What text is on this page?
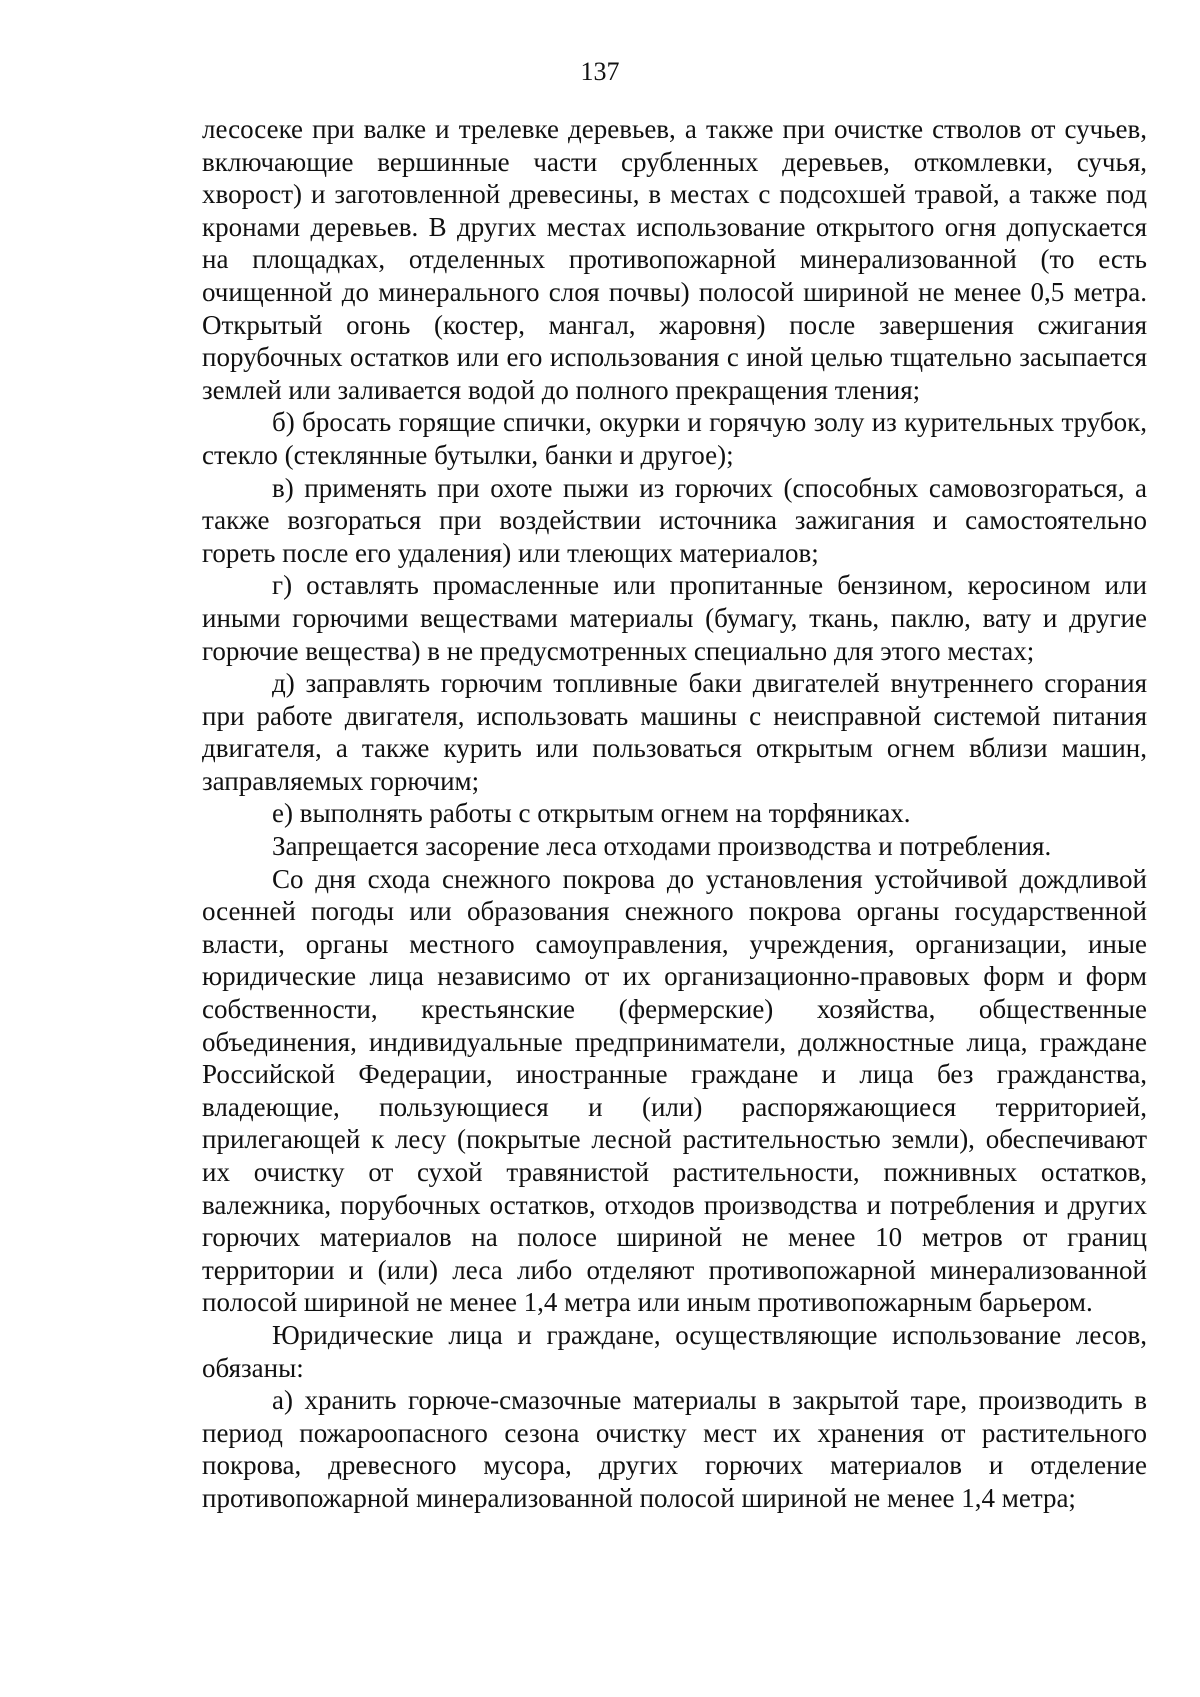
137

лесосеке при валке и трелевке деревьев, а также при очистке стволов от сучьев, включающие вершинные части срубленных деревьев, откомлевки, сучья, хворост) и заготовленной древесины, в местах с подсохшей травой, а также под кронами деревьев. В других местах использование открытого огня допускается на площадках, отделенных противопожарной минерализованной (то есть очищенной до минерального слоя почвы) полосой шириной не менее 0,5 метра. Открытый огонь (костер, мангал, жаровня) после завершения сжигания порубочных остатков или его использования с иной целью тщательно засыпается землей или заливается водой до полного прекращения тления;

б) бросать горящие спички, окурки и горячую золу из курительных трубок, стекло (стеклянные бутылки, банки и другое);

в) применять при охоте пыжи из горючих (способных самовозгораться, а также возгораться при воздействии источника зажигания и самостоятельно гореть после его удаления) или тлеющих материалов;

г) оставлять промасленные или пропитанные бензином, керосином или иными горючими веществами материалы (бумагу, ткань, паклю, вату и другие горючие вещества) в не предусмотренных специально для этого местах;

д) заправлять горючим топливные баки двигателей внутреннего сгорания при работе двигателя, использовать машины с неисправной системой питания двигателя, а также курить или пользоваться открытым огнем вблизи машин, заправляемых горючим;

е) выполнять работы с открытым огнем на торфяниках.

Запрещается засорение леса отходами производства и потребления.

Со дня схода снежного покрова до установления устойчивой дождливой осенней погоды или образования снежного покрова органы государственной власти, органы местного самоуправления, учреждения, организации, иные юридические лица независимо от их организационно-правовых форм и форм собственности, крестьянские (фермерские) хозяйства, общественные объединения, индивидуальные предприниматели, должностные лица, граждане Российской Федерации, иностранные граждане и лица без гражданства, владеющие, пользующиеся и (или) распоряжающиеся территорией, прилегающей к лесу (покрытые лесной растительностью земли), обеспечивают их очистку от сухой травянистой растительности, пожнивных остатков, валежника, порубочных остатков, отходов производства и потребления и других горючих материалов на полосе шириной не менее 10 метров от границ территории и (или) леса либо отделяют противопожарной минерализованной полосой шириной не менее 1,4 метра или иным противопожарным барьером.

Юридические лица и граждане, осуществляющие использование лесов, обязаны:

а) хранить горюче-смазочные материалы в закрытой таре, производить в период пожароопасного сезона очистку мест их хранения от растительного покрова, древесного мусора, других горючих материалов и отделение противопожарной минерализованной полосой шириной не менее 1,4 метра;
